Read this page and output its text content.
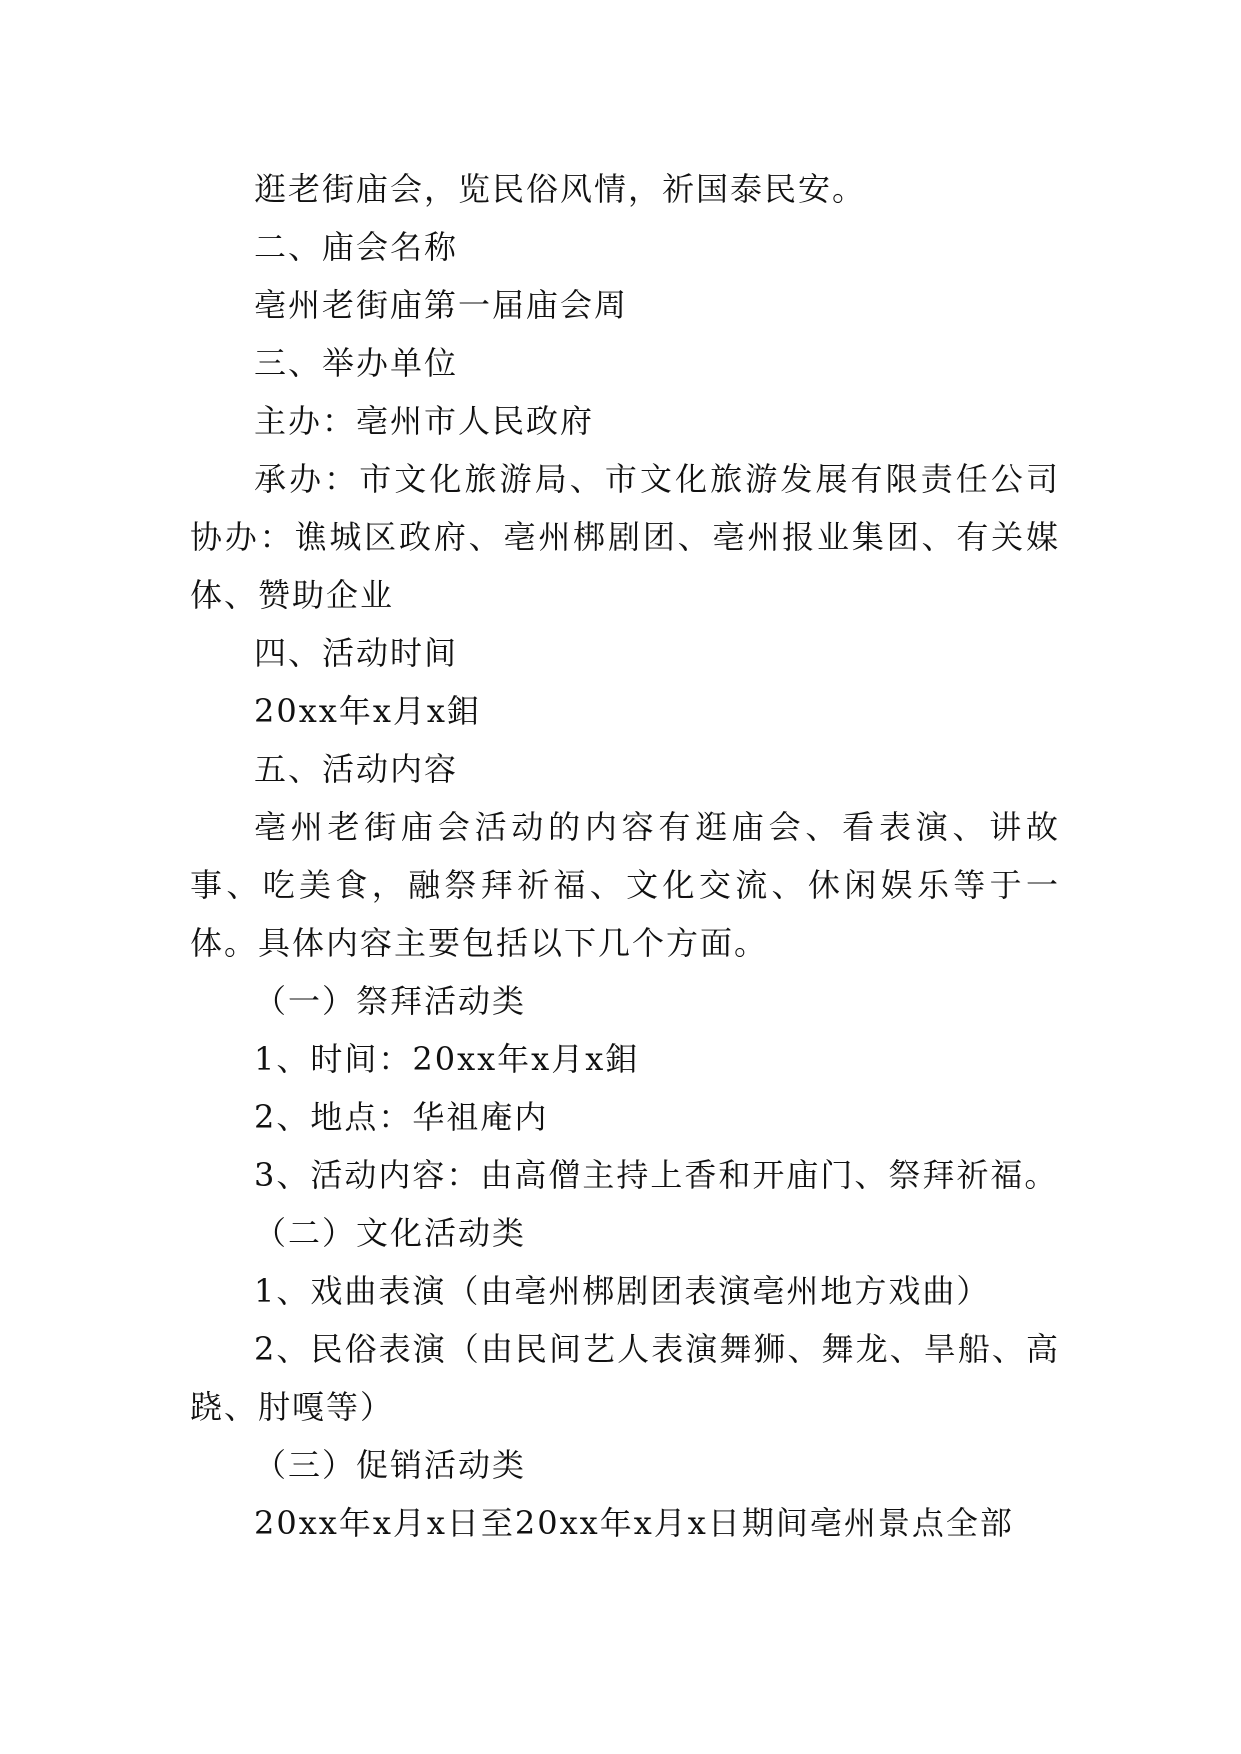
逛老街庙会，览民俗风情，祈国泰民安。

二、庙会名称

亳州老街庙第一届庙会周

三、举办单位

主办：亳州市人民政府

承办：市文化旅游局、市文化旅游发展有限责任公司协办：谯城区政府、亳州梆剧团、亳州报业集团、有关媒体、赞助企业

四、活动时间

20xx年x月x鉬

五、活动内容

亳州老街庙会活动的内容有逛庙会、看表演、讲故事、吃美食，融祭拜祈福、文化交流、休闲娱乐等于一体。具体内容主要包括以下几个方面。

（一）祭拜活动类

1、时间：20xx年x月x鉬

2、地点：华祖庵内

3、活动内容：由高僧主持上香和开庙门、祭拜祈福。

（二）文化活动类

1、戏曲表演（由亳州梆剧团表演亳州地方戏曲）

2、民俗表演（由民间艺人表演舞狮、舞龙、旱船、高跷、肘嘎等）

（三）促销活动类

20xx年x月x日至20xx年x月x日期间亳州景点全部
